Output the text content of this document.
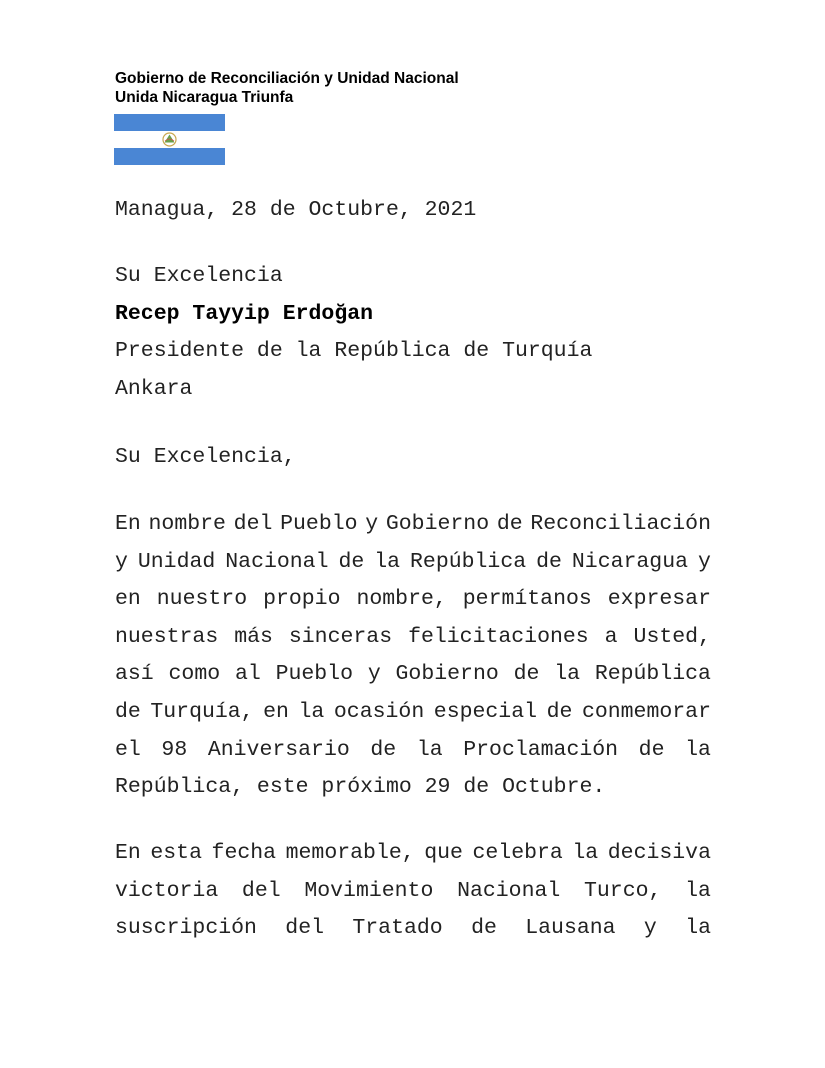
Gobierno de Reconciliación y Unidad Nacional
Unida Nicaragua Triunfa
Managua, 28 de Octubre, 2021
Su Excelencia
Recep Tayyip Erdoğan
Presidente de la República de Turquía
Ankara
Su Excelencia,
En nombre del Pueblo y Gobierno de Reconciliación
y Unidad Nacional de la República de Nicaragua y
en nuestro propio nombre, permítanos expresar
nuestras más sinceras felicitaciones a Usted,
así como al Pueblo y Gobierno de la República
de Turquía, en la ocasión especial de conmemorar
el 98 Aniversario de la Proclamación de la
República, este próximo 29 de Octubre.
En esta fecha memorable, que celebra la decisiva
victoria del Movimiento Nacional Turco, la
suscripción del Tratado de Lausana y la
